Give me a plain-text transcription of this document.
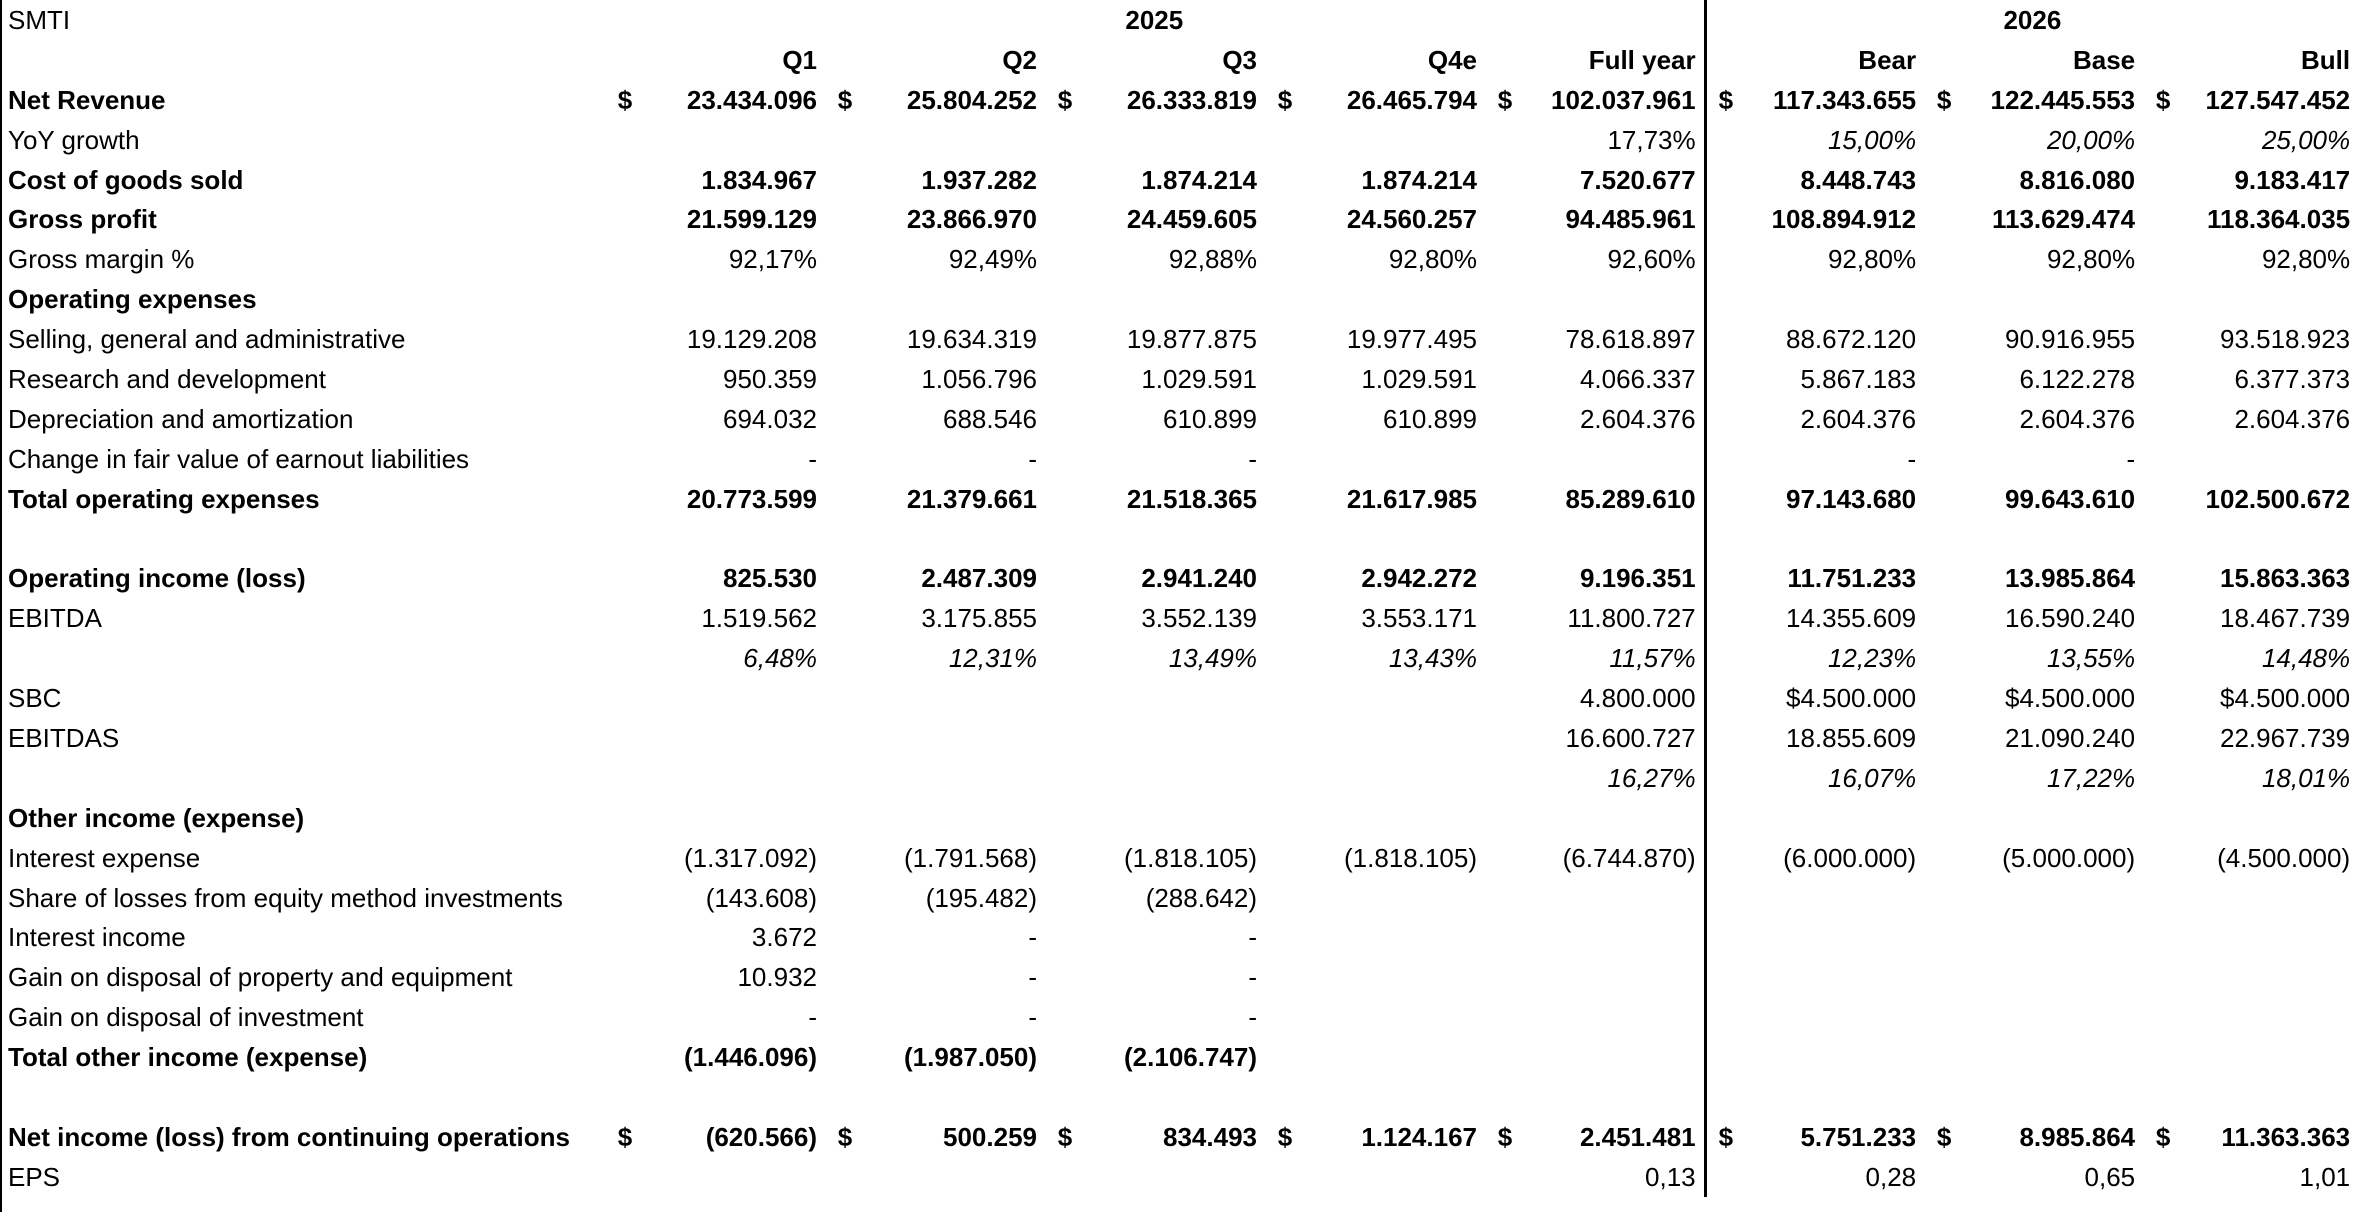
SMTI	2025										2026					
		Q1		Q2		Q3		Q4e		Full year		Bear		Base		Bull
Net Revenue	$	23.434.096	$	25.804.252	$	26.333.819	$	26.465.794	$	102.037.961	$	117.343.655	$	122.445.553	$	127.547.452
YoY growth										17,73%		15,00%		20,00%		25,00%
Cost of goods sold		1.834.967		1.937.282		1.874.214		1.874.214		7.520.677		8.448.743		8.816.080		9.183.417
Gross profit		21.599.129		23.866.970		24.459.605		24.560.257		94.485.961		108.894.912		113.629.474		118.364.035
Gross margin %		92,17%		92,49%		92,88%		92,80%		92,60%		92,80%		92,80%		92,80%
Operating expenses																
Selling, general and administrative		19.129.208		19.634.319		19.877.875		19.977.495		78.618.897		88.672.120		90.916.955		93.518.923
Research and development		950.359		1.056.796		1.029.591		1.029.591		4.066.337		5.867.183		6.122.278		6.377.373
Depreciation and amortization		694.032		688.546		610.899		610.899		2.604.376		2.604.376		2.604.376		2.604.376
Change in fair value of earnout liabilities		-		-		-						-		-		
Total operating expenses		20.773.599		21.379.661		21.518.365		21.617.985		85.289.610		97.143.680		99.643.610		102.500.672

Operating income (loss)		825.530		2.487.309		2.941.240		2.942.272		9.196.351		11.751.233		13.985.864		15.863.363
EBITDA		1.519.562		3.175.855		3.552.139		3.553.171		11.800.727		14.355.609		16.590.240		18.467.739
		6,48%		12,31%		13,49%		13,43%		11,57%		12,23%		13,55%		14,48%
SBC										4.800.000		$4.500.000		$4.500.000		$4.500.000
EBITDAS										16.600.727		18.855.609		21.090.240		22.967.739
										16,27%		16,07%		17,22%		18,01%
Other income (expense)																
Interest expense		(1.317.092)		(1.791.568)		(1.818.105)		(1.818.105)		(6.744.870)		(6.000.000)		(5.000.000)		(4.500.000)
Share of losses from equity method investments		(143.608)		(195.482)		(288.642)										
Interest income		3.672		-		-										
Gain on disposal of property and equipment		10.932		-		-										
Gain on disposal of investment		-		-		-										
Total other income (expense)		(1.446.096)		(1.987.050)		(2.106.747)										

Net income (loss) from continuing operations	$	(620.566)	$	500.259	$	834.493	$	1.124.167	$	2.451.481	$	5.751.233	$	8.985.864	$	11.363.363
EPS										0,13		0,28		0,65		1,01
